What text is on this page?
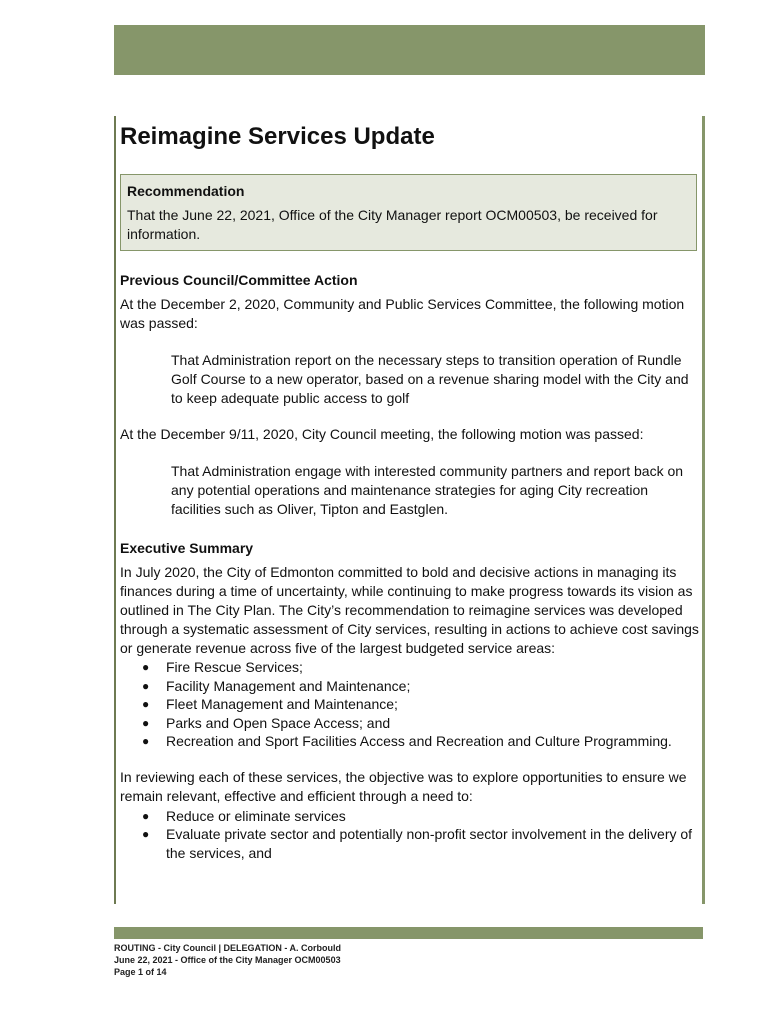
Reimagine Services Update
Recommendation
That the June 22, 2021, Office of the City Manager report OCM00503, be received for information.
Previous Council/Committee Action

At the December 2, 2020, Community and Public Services Committee, the following motion was passed:

That Administration report on the necessary steps to transition operation of Rundle Golf Course to a new operator, based on a revenue sharing model with the City and to keep adequate public access to golf

At the December 9/11, 2020, City Council meeting, the following motion was passed:

That Administration engage with interested community partners and report back on any potential operations and maintenance strategies for aging City recreation facilities such as Oliver, Tipton and Eastglen.

Executive Summary

In July 2020, the City of Edmonton committed to bold and decisive actions in managing its finances during a time of uncertainty, while continuing to make progress towards its vision as outlined in The City Plan. The City’s recommendation to reimagine services was developed through a systematic assessment of City services, resulting in actions to achieve cost savings or generate revenue across five of the largest budgeted service areas:

● Fire Rescue Services;
● Facility Management and Maintenance;
● Fleet Management and Maintenance;
● Parks and Open Space Access; and
● Recreation and Sport Facilities Access and Recreation and Culture Programming.

In reviewing each of these services, the objective was to explore opportunities to ensure we remain relevant, effective and efficient through a need to:

● Reduce or eliminate services
● Evaluate private sector and potentially non-profit sector involvement in the delivery of the services, and
ROUTING - City Council | DELEGATION - A. Corbould
June 22, 2021 - Office of the City Manager OCM00503
Page 1 of 14
